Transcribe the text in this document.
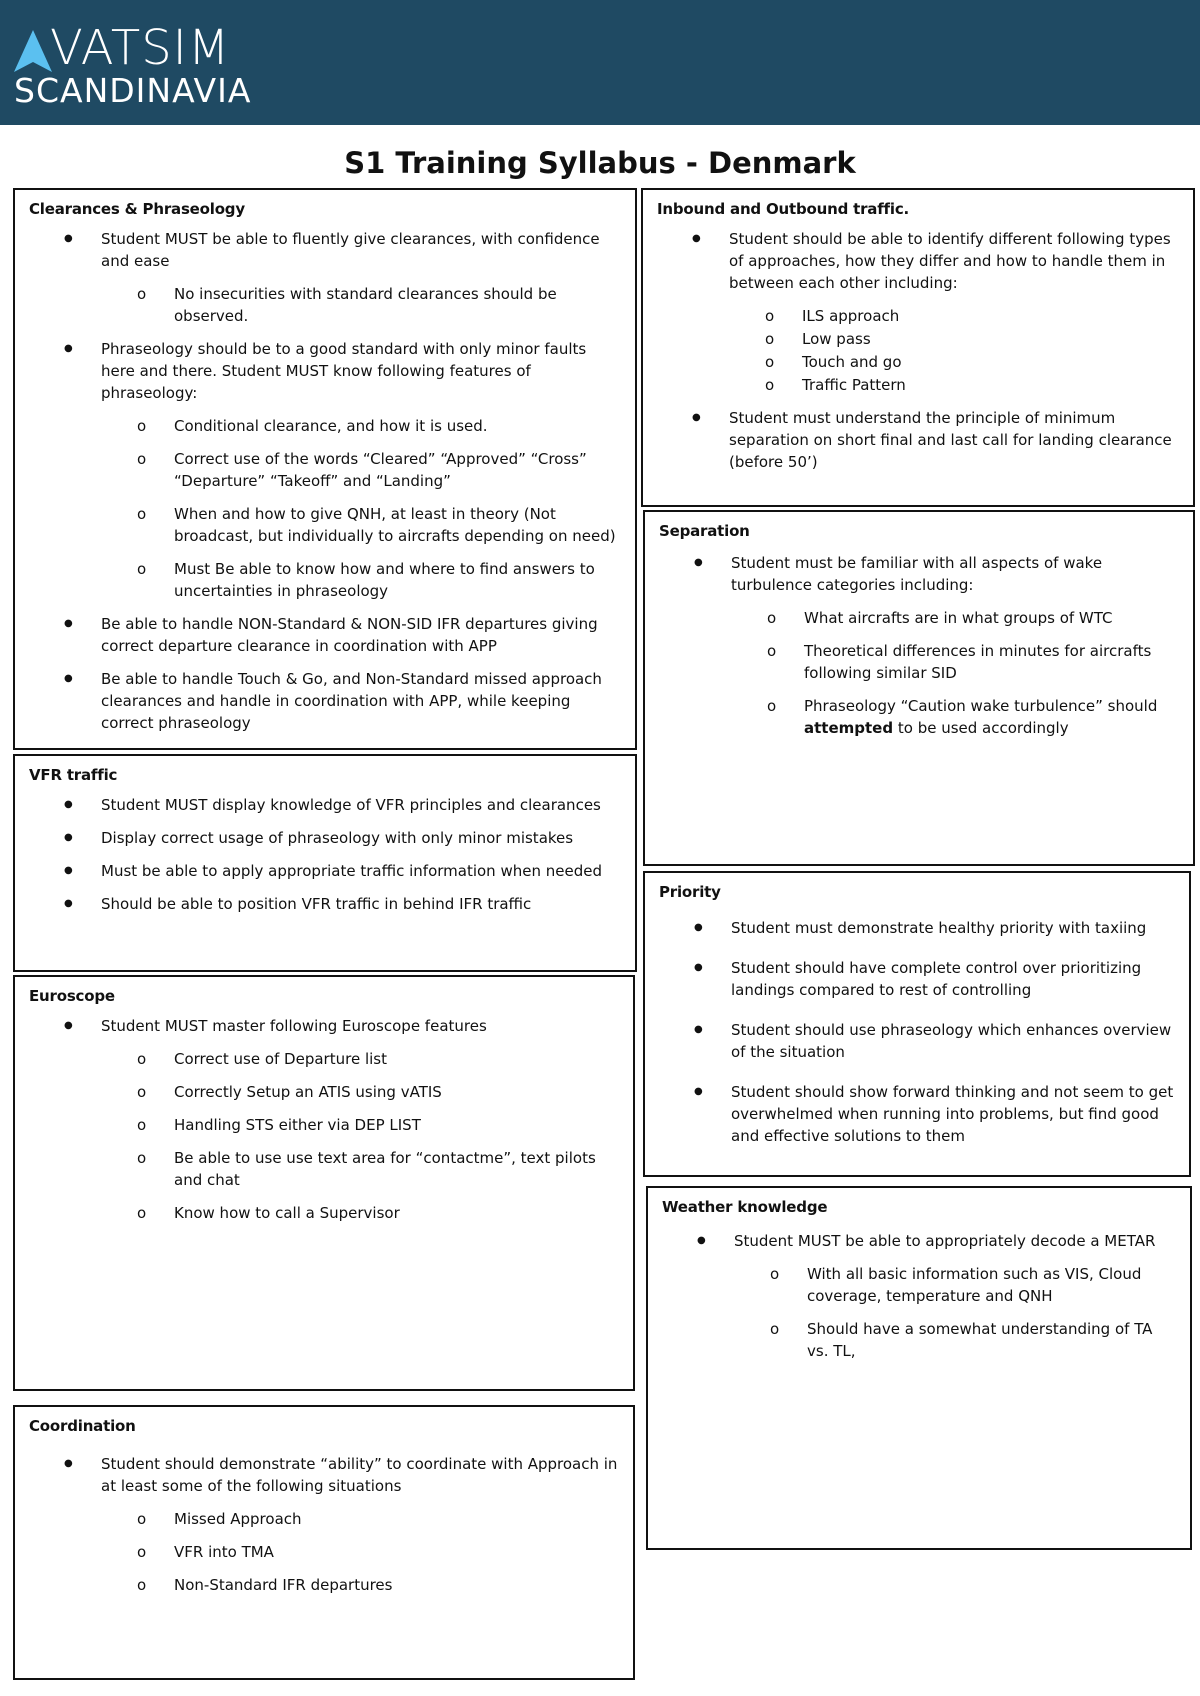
VATSIM
SCANDINAVIA
S1 Training Syllabus - Denmark
Clearances & Phraseology
● Student MUST be able to fluently give clearances, with confidence and ease
o No insecurities with standard clearances should be observed.
● Phraseology should be to a good standard with only minor faults here and there. Student MUST know following features of phraseology:
o Conditional clearance, and how it is used.
o Correct use of the words “Cleared” “Approved” “Cross” “Departure” “Takeoff” and “Landing”
o When and how to give QNH, at least in theory (Not broadcast, but individually to aircrafts depending on need)
o Must Be able to know how and where to find answers to uncertainties in phraseology
● Be able to handle NON-Standard & NON-SID IFR departures giving correct departure clearance in coordination with APP
● Be able to handle Touch & Go, and Non-Standard missed approach clearances and handle in coordination with APP, while keeping correct phraseology
VFR traffic
● Student MUST display knowledge of VFR principles and clearances
● Display correct usage of phraseology with only minor mistakes
● Must be able to apply appropriate traffic information when needed
● Should be able to position VFR traffic in behind IFR traffic
Euroscope
● Student MUST master following Euroscope features
o Correct use of Departure list
o Correctly Setup an ATIS using vATIS
o Handling STS either via DEP LIST
o Be able to use use text area for “contactme”, text pilots and chat
o Know how to call a Supervisor
Coordination
● Student should demonstrate “ability” to coordinate with Approach in at least some of the following situations
o Missed Approach
o VFR into TMA
o Non-Standard IFR departures
Inbound and Outbound traffic.
● Student should be able to identify different following types of approaches, how they differ and how to handle them in between each other including:
o ILS approach
o Low pass
o Touch and go
o Traffic Pattern
● Student must understand the principle of minimum separation on short final and last call for landing clearance (before 50’)
Separation
● Student must be familiar with all aspects of wake turbulence categories including:
o What aircrafts are in what groups of WTC
o Theoretical differences in minutes for aircrafts following similar SID
o Phraseology “Caution wake turbulence” should attempted to be used accordingly
Priority
● Student must demonstrate healthy priority with taxiing
● Student should have complete control over prioritizing landings compared to rest of controlling
● Student should use phraseology which enhances overview of the situation
● Student should show forward thinking and not seem to get overwhelmed when running into problems, but find good and effective solutions to them
Weather knowledge
● Student MUST be able to appropriately decode a METAR
o With all basic information such as VIS, Cloud coverage, temperature and QNH
o Should have a somewhat understanding of TA vs. TL,
